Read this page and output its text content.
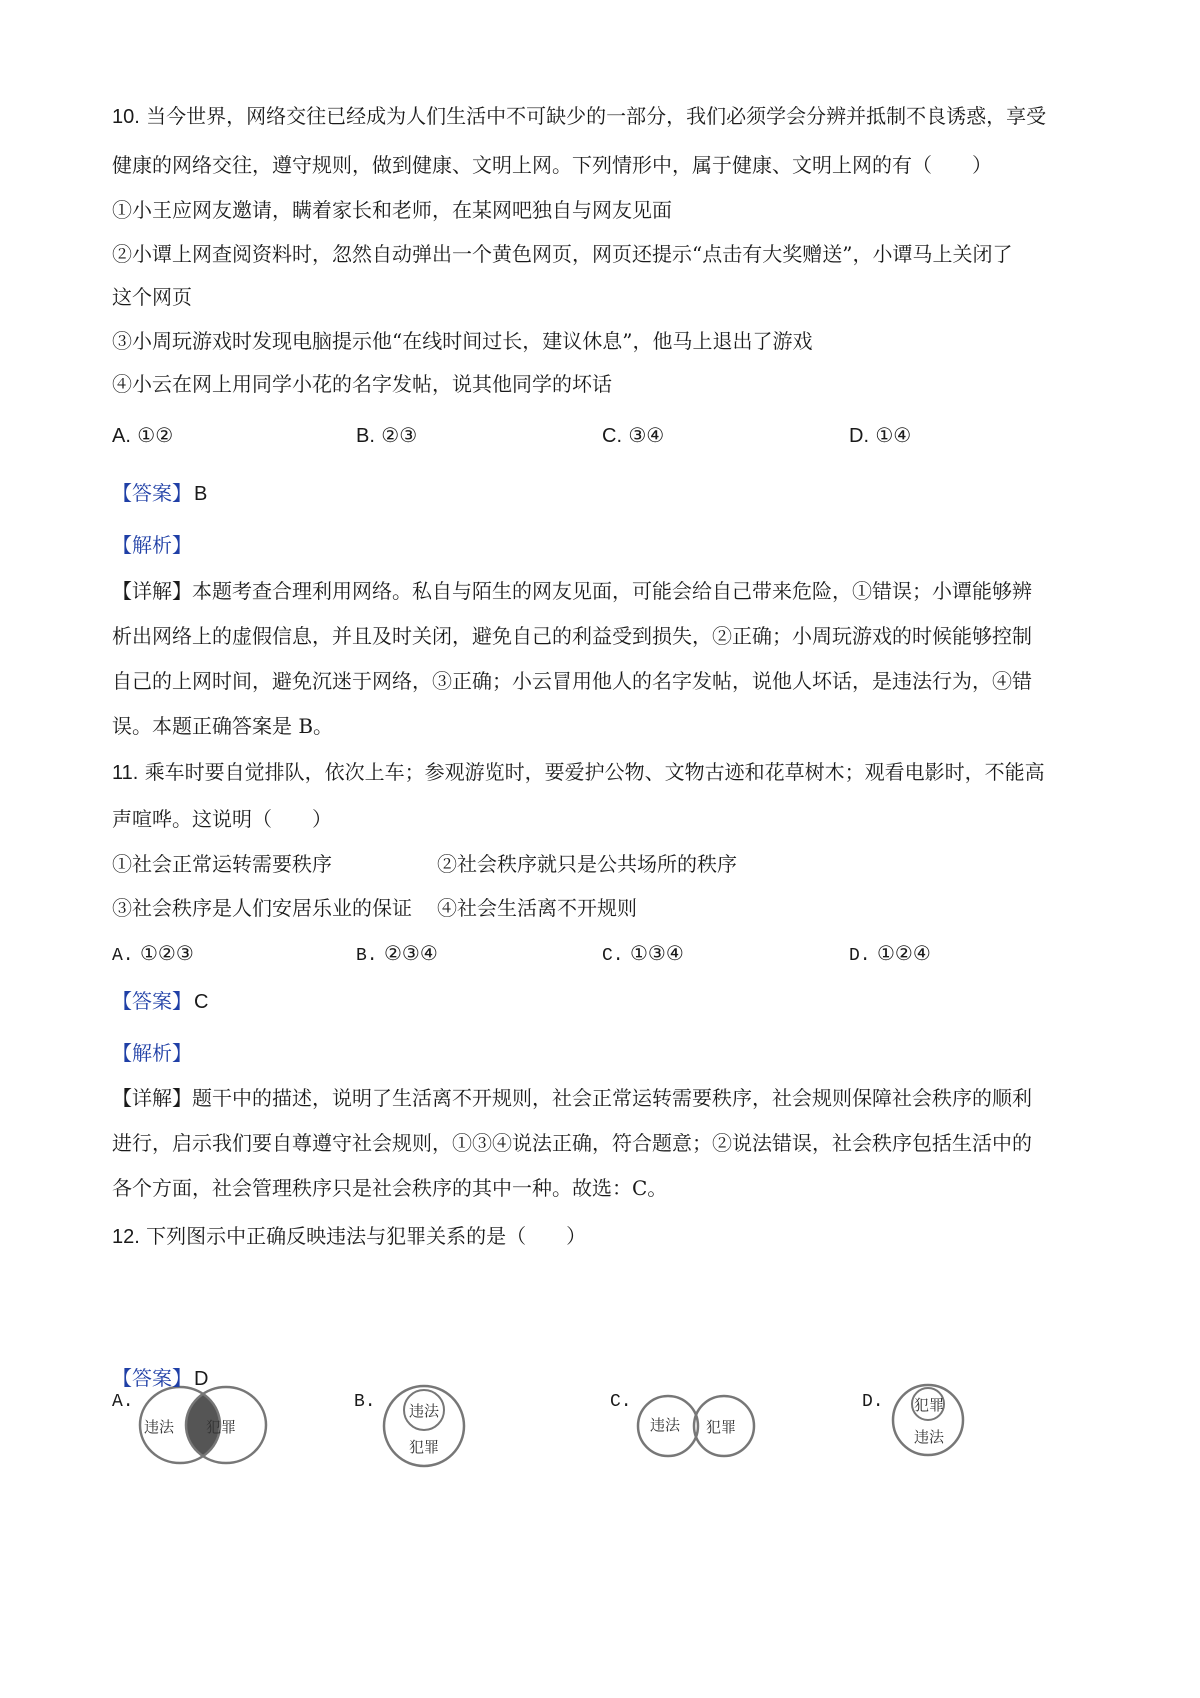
10. 当今世界，网络交往已经成为人们生活中不可缺少的一部分，我们必须学会分辨并抵制不良诱惑，享受
健康的网络交往，遵守规则，做到健康、文明上网。下列情形中，属于健康、文明上网的有（　　）
①小王应网友邀请，瞒着家长和老师，在某网吧独自与网友见面
②小谭上网查阅资料时，忽然自动弹出一个黄色网页，网页还提示“点击有大奖赠送”，小谭马上关闭了
这个网页
③小周玩游戏时发现电脑提示他“在线时间过长，建议休息”，他马上退出了游戏
④小云在网上用同学小花的名字发帖，说其他同学的坏话
A. ①②	B. ②③	C. ③④	D. ①④
【答案】 B
【解析】
【详解】本题考查合理利用网络。私自与陌生的网友见面，可能会给自己带来危险，①错误；小谭能够辨
析出网络上的虚假信息，并且及时关闭，避免自己的利益受到损失，②正确；小周玩游戏的时候能够控制
自己的上网时间，避免沉迷于网络，③正确；小云冒用他人的名字发帖，说他人坏话，是违法行为，④错
误。本题正确答案是 B。
11. 乘车时要自觉排队，依次上车；参观游览时，要爱护公物、文物古迹和花草树木；观看电影时，不能高
声喧哗。这说明（　　）
①社会正常运转需要秩序	②社会秩序就只是公共场所的秩序
③社会秩序是人们安居乐业的保证 ④社会生活离不开规则
A. ①②③	B. ②③④	C. ①③④	D. ①②④
【答案】 C
【解析】
【详解】题干中的描述，说明了生活离不开规则，社会正常运转需要秩序，社会规则保障社会秩序的顺利
进行，启示我们要自尊遵守社会规则，①③④说法正确，符合题意；②说法错误，社会秩序包括生活中的
各个方面，社会管理秩序只是社会秩序的其中一种。故选：C。
12. 下列图示中正确反映违法与犯罪关系的是（　　）
A.
违法 犯罪
B. 违法
犯罪
C.
违法 犯罪
D. 犯罪
违法
【答案】 D
